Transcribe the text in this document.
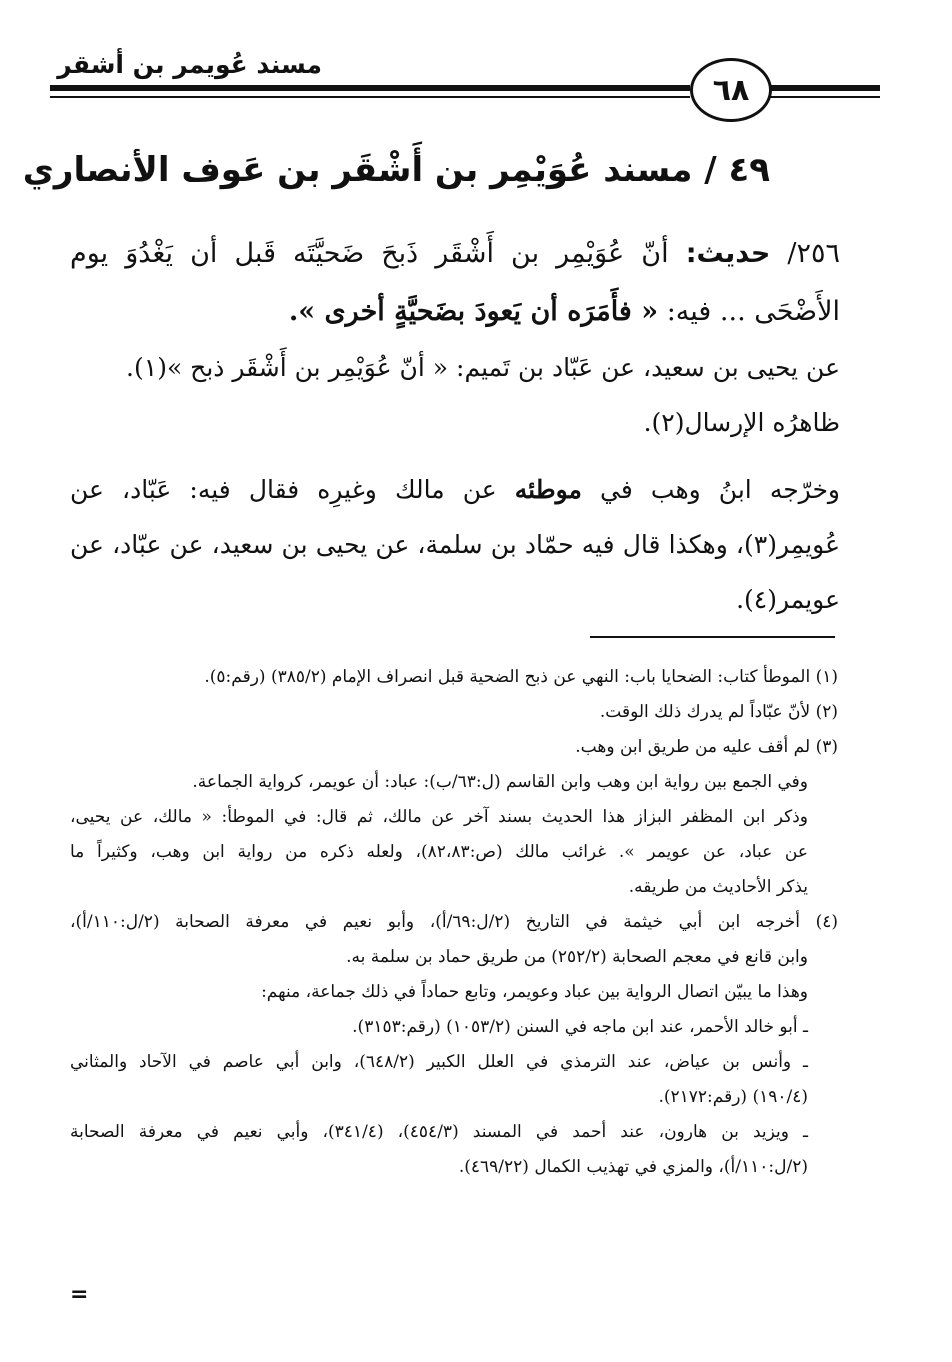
مسند عُويمر بن أشقر
٦٨
٤٩ / مسند عُوَيْمِر بن أَشْقَر بن عَوف الأنصاري
٢٥٦/ حديث: أنّ عُوَيْمِر بن أَشْقَر ذَبحَ ضَحيَّتَه قَبل أن يَغْدُوَ يوم الأَضْحَى ... فيه: « فأَمَرَه أن يَعودَ بضَحيَّةٍ أخرى ».
عن يحيى بن سعيد، عن عَبّاد بن تَميم: « أنّ عُوَيْمِر بن أَشْقَر ذبح »(١).
ظاهرُه الإرسال(٢).
وخرّجه ابنُ وهب في موطئه عن مالك وغيرِه فقال فيه: عَبّاد، عن عُويمِر(٣)، وهكذا قال فيه حمّاد بن سلمة، عن يحيى بن سعيد، عن عبّاد، عن عويمر(٤).
(١) الموطأ كتاب: الضحايا باب: النهي عن ذبح الضحية قبل انصراف الإمام (٣٨٥/٢) (رقم:٥).
(٢) لأنّ عبّاداً لم يدرك ذلك الوقت.
(٣) لم أقف عليه من طريق ابن وهب.
وفي الجمع بين رواية ابن وهب وابن القاسم (ل:٦٣/ب): عباد: أن عويمر، كرواية الجماعة.
وذكر ابن المظفر البزاز هذا الحديث بسند آخر عن مالك، ثم قال: في الموطأ: « مالك، عن يحيى،
عن عباد، عن عويمر ». غرائب مالك (ص:٨٢،٨٣)، ولعله ذكره من رواية ابن وهب، وكثيراً ما
يذكر الأحاديث من طريقه.
(٤) أخرجه ابن أبي خيثمة في التاريخ (٢/ل:٦٩/أ)، وأبو نعيم في معرفة الصحابة (٢/ل:١١٠/أ)،
وابن قانع في معجم الصحابة (٢٥٢/٢) من طريق حماد بن سلمة به.
وهذا ما يبيّن اتصال الرواية بين عباد وعويمر، وتابع حماداً في ذلك جماعة، منهم:
ـ أبو خالد الأحمر، عند ابن ماجه في السنن (١٠٥٣/٢) (رقم:٣١٥٣).
ـ وأنس بن عياض، عند الترمذي في العلل الكبير (٦٤٨/٢)، وابن أبي عاصم في الآحاد والمثاني
(١٩٠/٤) (رقم:٢١٧٢).
ـ ويزيد بن هارون، عند أحمد في المسند (٤٥٤/٣)، (٣٤١/٤)، وأبي نعيم في معرفة الصحابة
(٢/ل:١١٠/أ)، والمزي في تهذيب الكمال (٤٦٩/٢٢).
=
